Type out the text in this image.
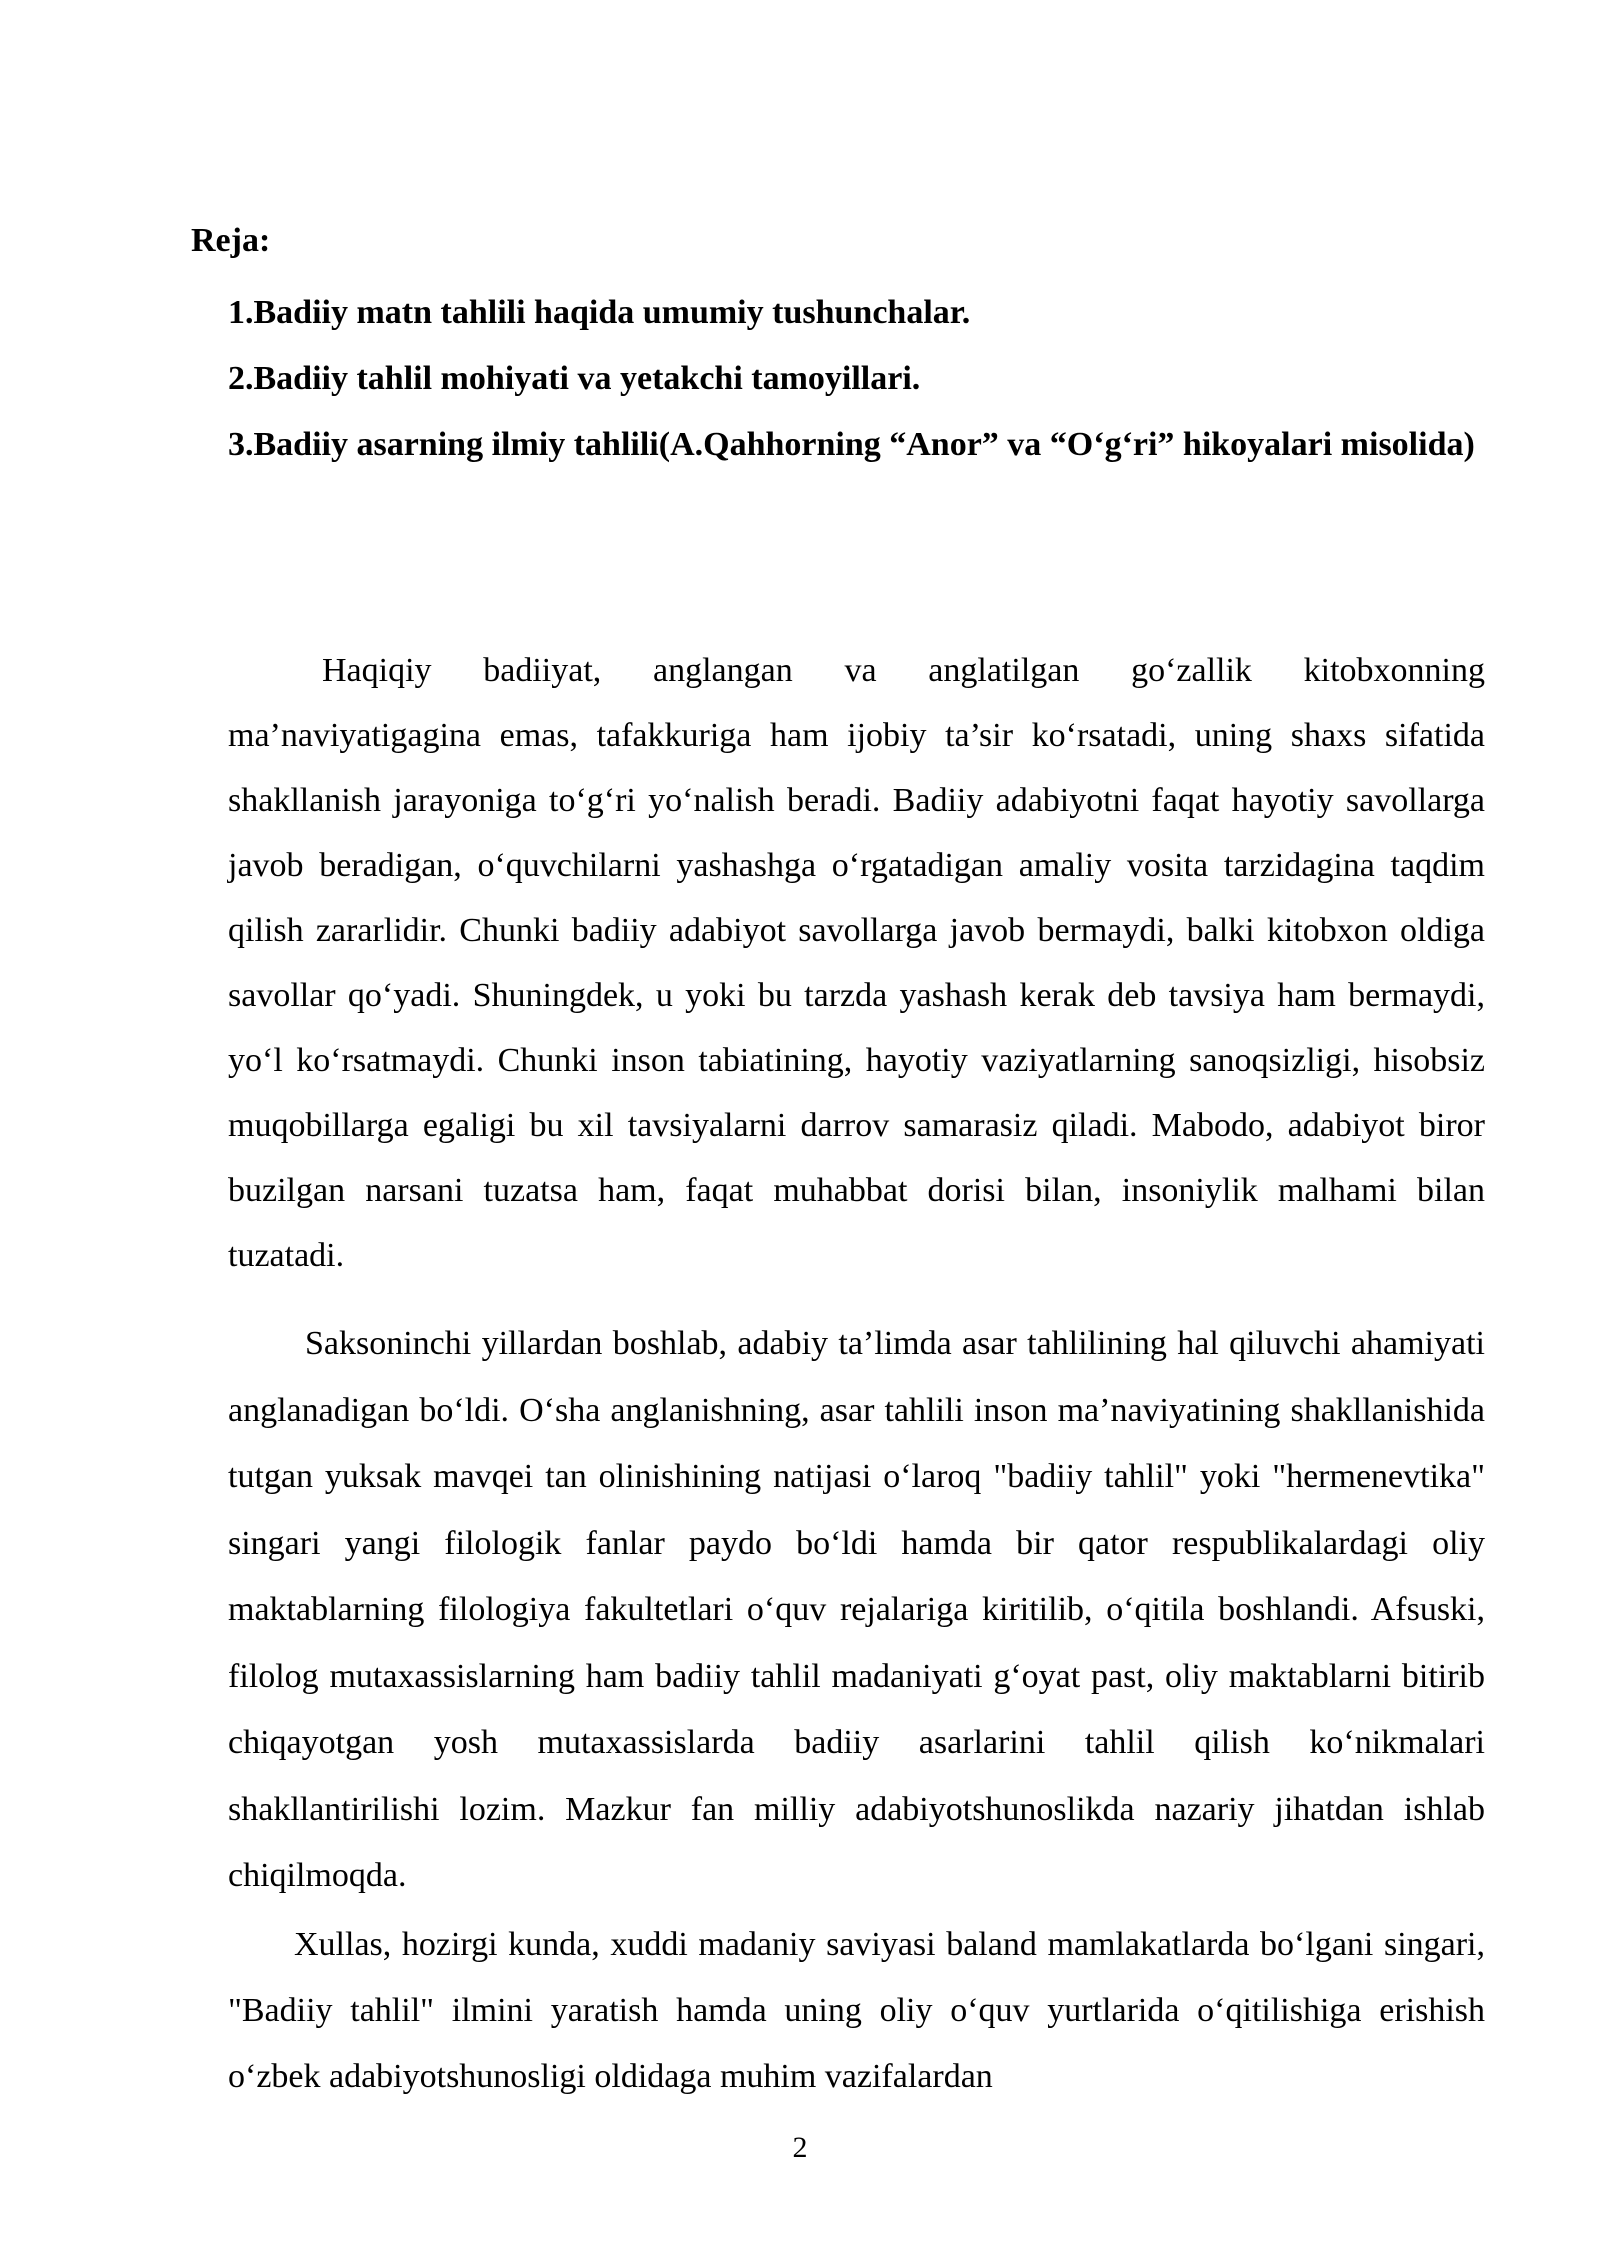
Reja:
1.Badiiy matn tahlili haqida umumiy tushunchalar.
2.Badiiy tahlil mohiyati va yetakchi tamoyillari.
3.Badiiy asarning ilmiy tahlili(A.Qahhorning “Anor” va “O‘g‘ri” hikoyalari misolida)

Haqiqiy badiiyat, anglangan va anglatilgan go‘zallik kitobxonning ma’naviyatigagina emas, tafakkuriga ham ijobiy ta’sir ko‘rsatadi, uning shaxs sifatida shakllanish jarayoniga to‘g‘ri yo‘nalish beradi. Badiiy adabiyotni faqat hayotiy savollarga javob beradigan, o‘quvchilarni yashashga o‘rgatadigan amaliy vosita tarzidagina taqdim qilish zararlidir. Chunki badiiy adabiyot savollarga javob bermaydi, balki kitobxon oldiga savollar qo‘yadi. Shuningdek, u yoki bu tarzda yashash kerak deb tavsiya ham bermaydi, yo‘l ko‘rsatmaydi. Chunki inson tabiatining, hayotiy vaziyatlarning sanoqsizligi, hisobsiz muqobillarga egaligi bu xil tavsiyalarni darrov samarasiz qiladi. Mabodo, adabiyot biror buzilgan narsani tuzatsa ham, faqat muhabbat dorisi bilan, insoniylik malhami bilan tuzatadi.

Saksoninchi yillardan boshlab, adabiy ta’limda asar tahlilining hal qiluvchi ahamiyati anglanadigan bo‘ldi. O‘sha anglanishning, asar tahlili inson ma’naviyatining shakllanishida tutgan yuksak mavqei tan olinishining natijasi o‘laroq "badiiy tahlil" yoki "hermenevtika" singari yangi filologik fanlar paydo bo‘ldi hamda bir qator respublikalardagi oliy maktablarning filologiya fakultetlari o‘quv rejalariga kiritilib, o‘qitila boshlandi. Afsuski, filolog mutaxassislarning ham badiiy tahlil madaniyati g‘oyat past, oliy maktablarni bitirib chiqayotgan yosh mutaxassislarda badiiy asarlarini tahlil qilish ko‘nikmalari shakllantirilishi lozim. Mazkur fan milliy adabiyotshunoslikda nazariy jihatdan ishlab chiqilmoqda.

Xullas, hozirgi kunda, xuddi madaniy saviyasi baland mamlakatlarda bo‘lgani singari, "Badiiy tahlil" ilmini yaratish hamda uning oliy o‘quv yurtlarida o‘qitilishiga erishish o‘zbek adabiyotshunosligi oldidaga muhim vazifalardan

2
